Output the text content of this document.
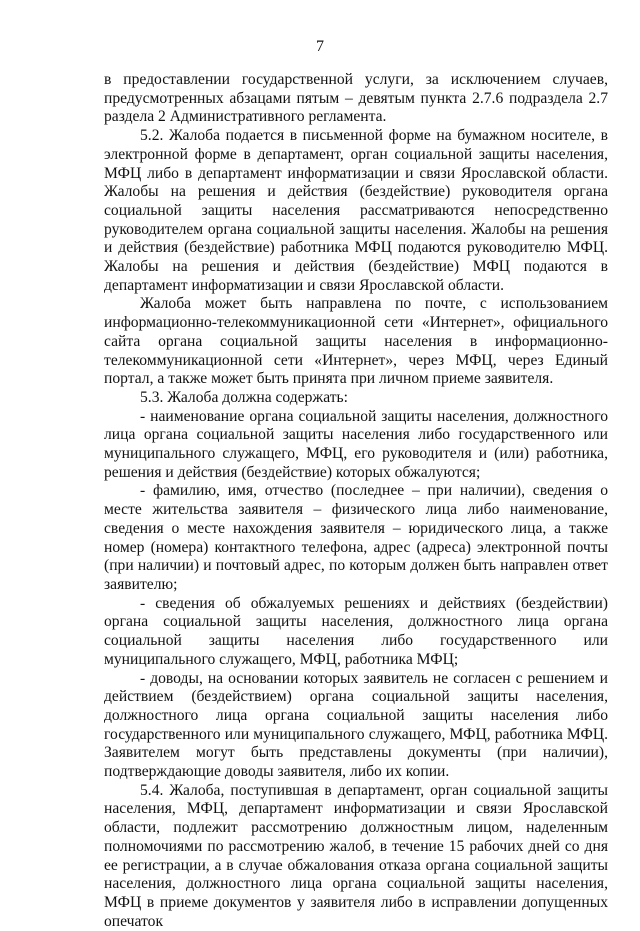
7

в предоставлении государственной услуги, за исключением случаев, предусмотренных абзацами пятым – девятым пункта 2.7.6 подраздела 2.7 раздела 2 Административного регламента.

5.2. Жалоба подается в письменной форме на бумажном носителе, в электронной форме в департамент, орган социальной защиты населения, МФЦ либо в департамент информатизации и связи Ярославской области. Жалобы на решения и действия (бездействие) руководителя органа социальной защиты населения рассматриваются непосредственно руководителем органа социальной защиты населения. Жалобы на решения и действия (бездействие) работника МФЦ подаются руководителю МФЦ. Жалобы на решения и действия (бездействие) МФЦ подаются в департамент информатизации и связи Ярославской области.

Жалоба может быть направлена по почте, с использованием информационно-телекоммуникационной сети «Интернет», официального сайта органа социальной защиты населения в информационно-телекоммуникационной сети «Интернет», через МФЦ, через Единый портал, а также может быть принята при личном приеме заявителя.

5.3. Жалоба должна содержать:

- наименование органа социальной защиты населения, должностного лица органа социальной защиты населения либо государственного или муниципального служащего, МФЦ, его руководителя и (или) работника, решения и действия (бездействие) которых обжалуются;

- фамилию, имя, отчество (последнее – при наличии), сведения о месте жительства заявителя – физического лица либо наименование, сведения о месте нахождения заявителя – юридического лица, а также номер (номера) контактного телефона, адрес (адреса) электронной почты (при наличии) и почтовый адрес, по которым должен быть направлен ответ заявителю;

- сведения об обжалуемых решениях и действиях (бездействии) органа социальной защиты населения, должностного лица органа социальной защиты населения либо государственного или муниципального служащего, МФЦ, работника МФЦ;

- доводы, на основании которых заявитель не согласен с решением и действием (бездействием) органа социальной защиты населения, должностного лица органа социальной защиты населения либо государственного или муниципального служащего, МФЦ, работника МФЦ. Заявителем могут быть представлены документы (при наличии), подтверждающие доводы заявителя, либо их копии.

5.4. Жалоба, поступившая в департамент, орган социальной защиты населения, МФЦ, департамент информатизации и связи Ярославской области, подлежит рассмотрению должностным лицом, наделенным полномочиями по рассмотрению жалоб, в течение 15 рабочих дней со дня ее регистрации, а в случае обжалования отказа органа социальной защиты населения, должностного лица органа социальной защиты населения, МФЦ в приеме документов у заявителя либо в исправлении допущенных опечаток
